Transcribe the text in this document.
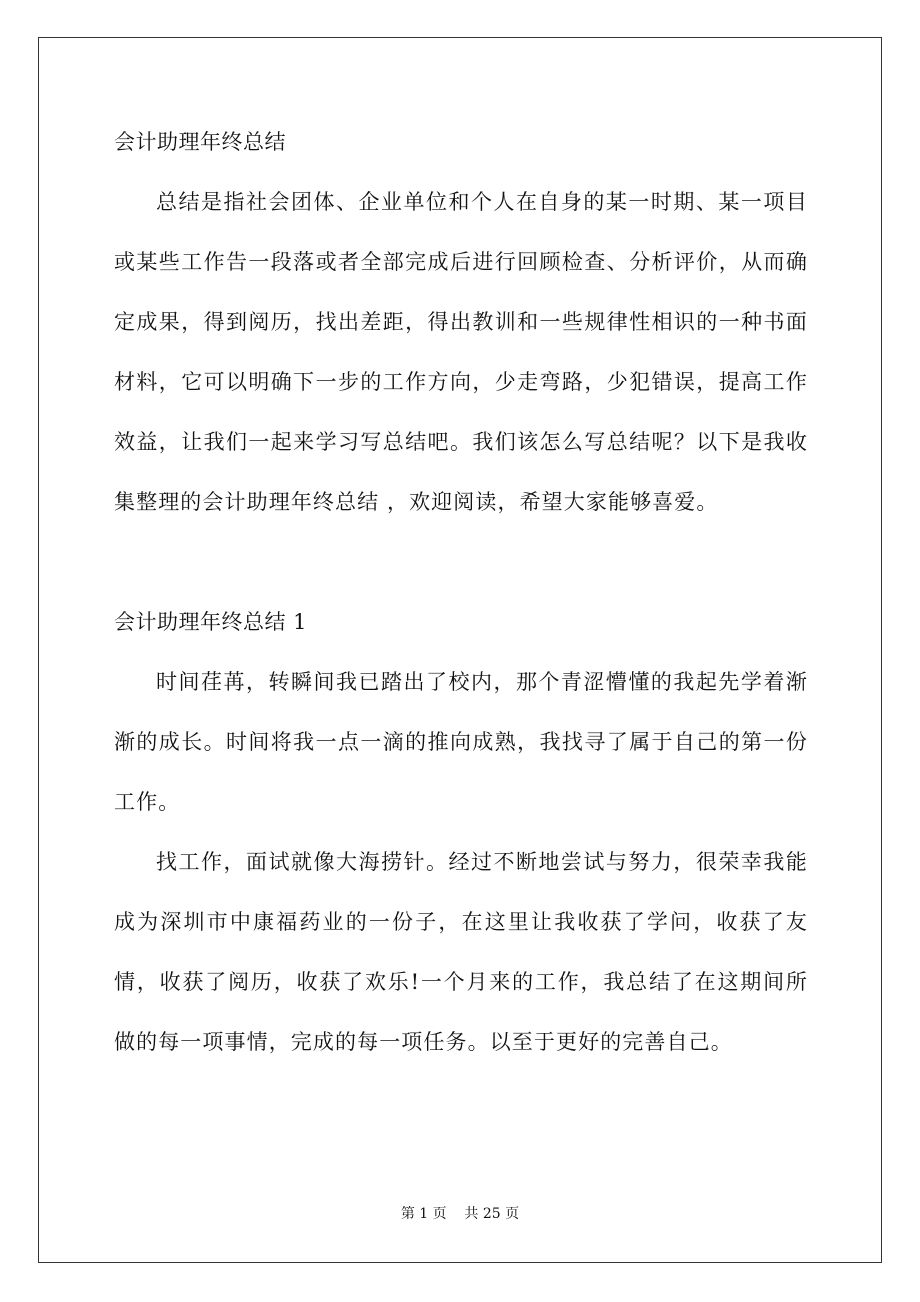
会计助理年终总结

总结是指社会团体、企业单位和个人在自身的某一时期、某一项目或某些工作告一段落或者全部完成后进行回顾检查、分析评价，从而确定成果，得到阅历，找出差距，得出教训和一些规律性相识的一种书面材料，它可以明确下一步的工作方向，少走弯路，少犯错误，提高工作效益，让我们一起来学习写总结吧。我们该怎么写总结呢？以下是我收集整理的会计助理年终总结 ，欢迎阅读，希望大家能够喜爱。

会计助理年终总结 1

时间荏苒，转瞬间我已踏出了校内，那个青涩懵懂的我起先学着渐渐的成长。时间将我一点一滴的推向成熟，我找寻了属于自己的第一份工作。

找工作，面试就像大海捞针。经过不断地尝试与努力，很荣幸我能成为深圳市中康福药业的一份子，在这里让我收获了学问，收获了友情，收获了阅历，收获了欢乐!一个月来的工作，我总结了在这期间所做的每一项事情，完成的每一项任务。以至于更好的完善自己。

第 1 页    共 25 页
